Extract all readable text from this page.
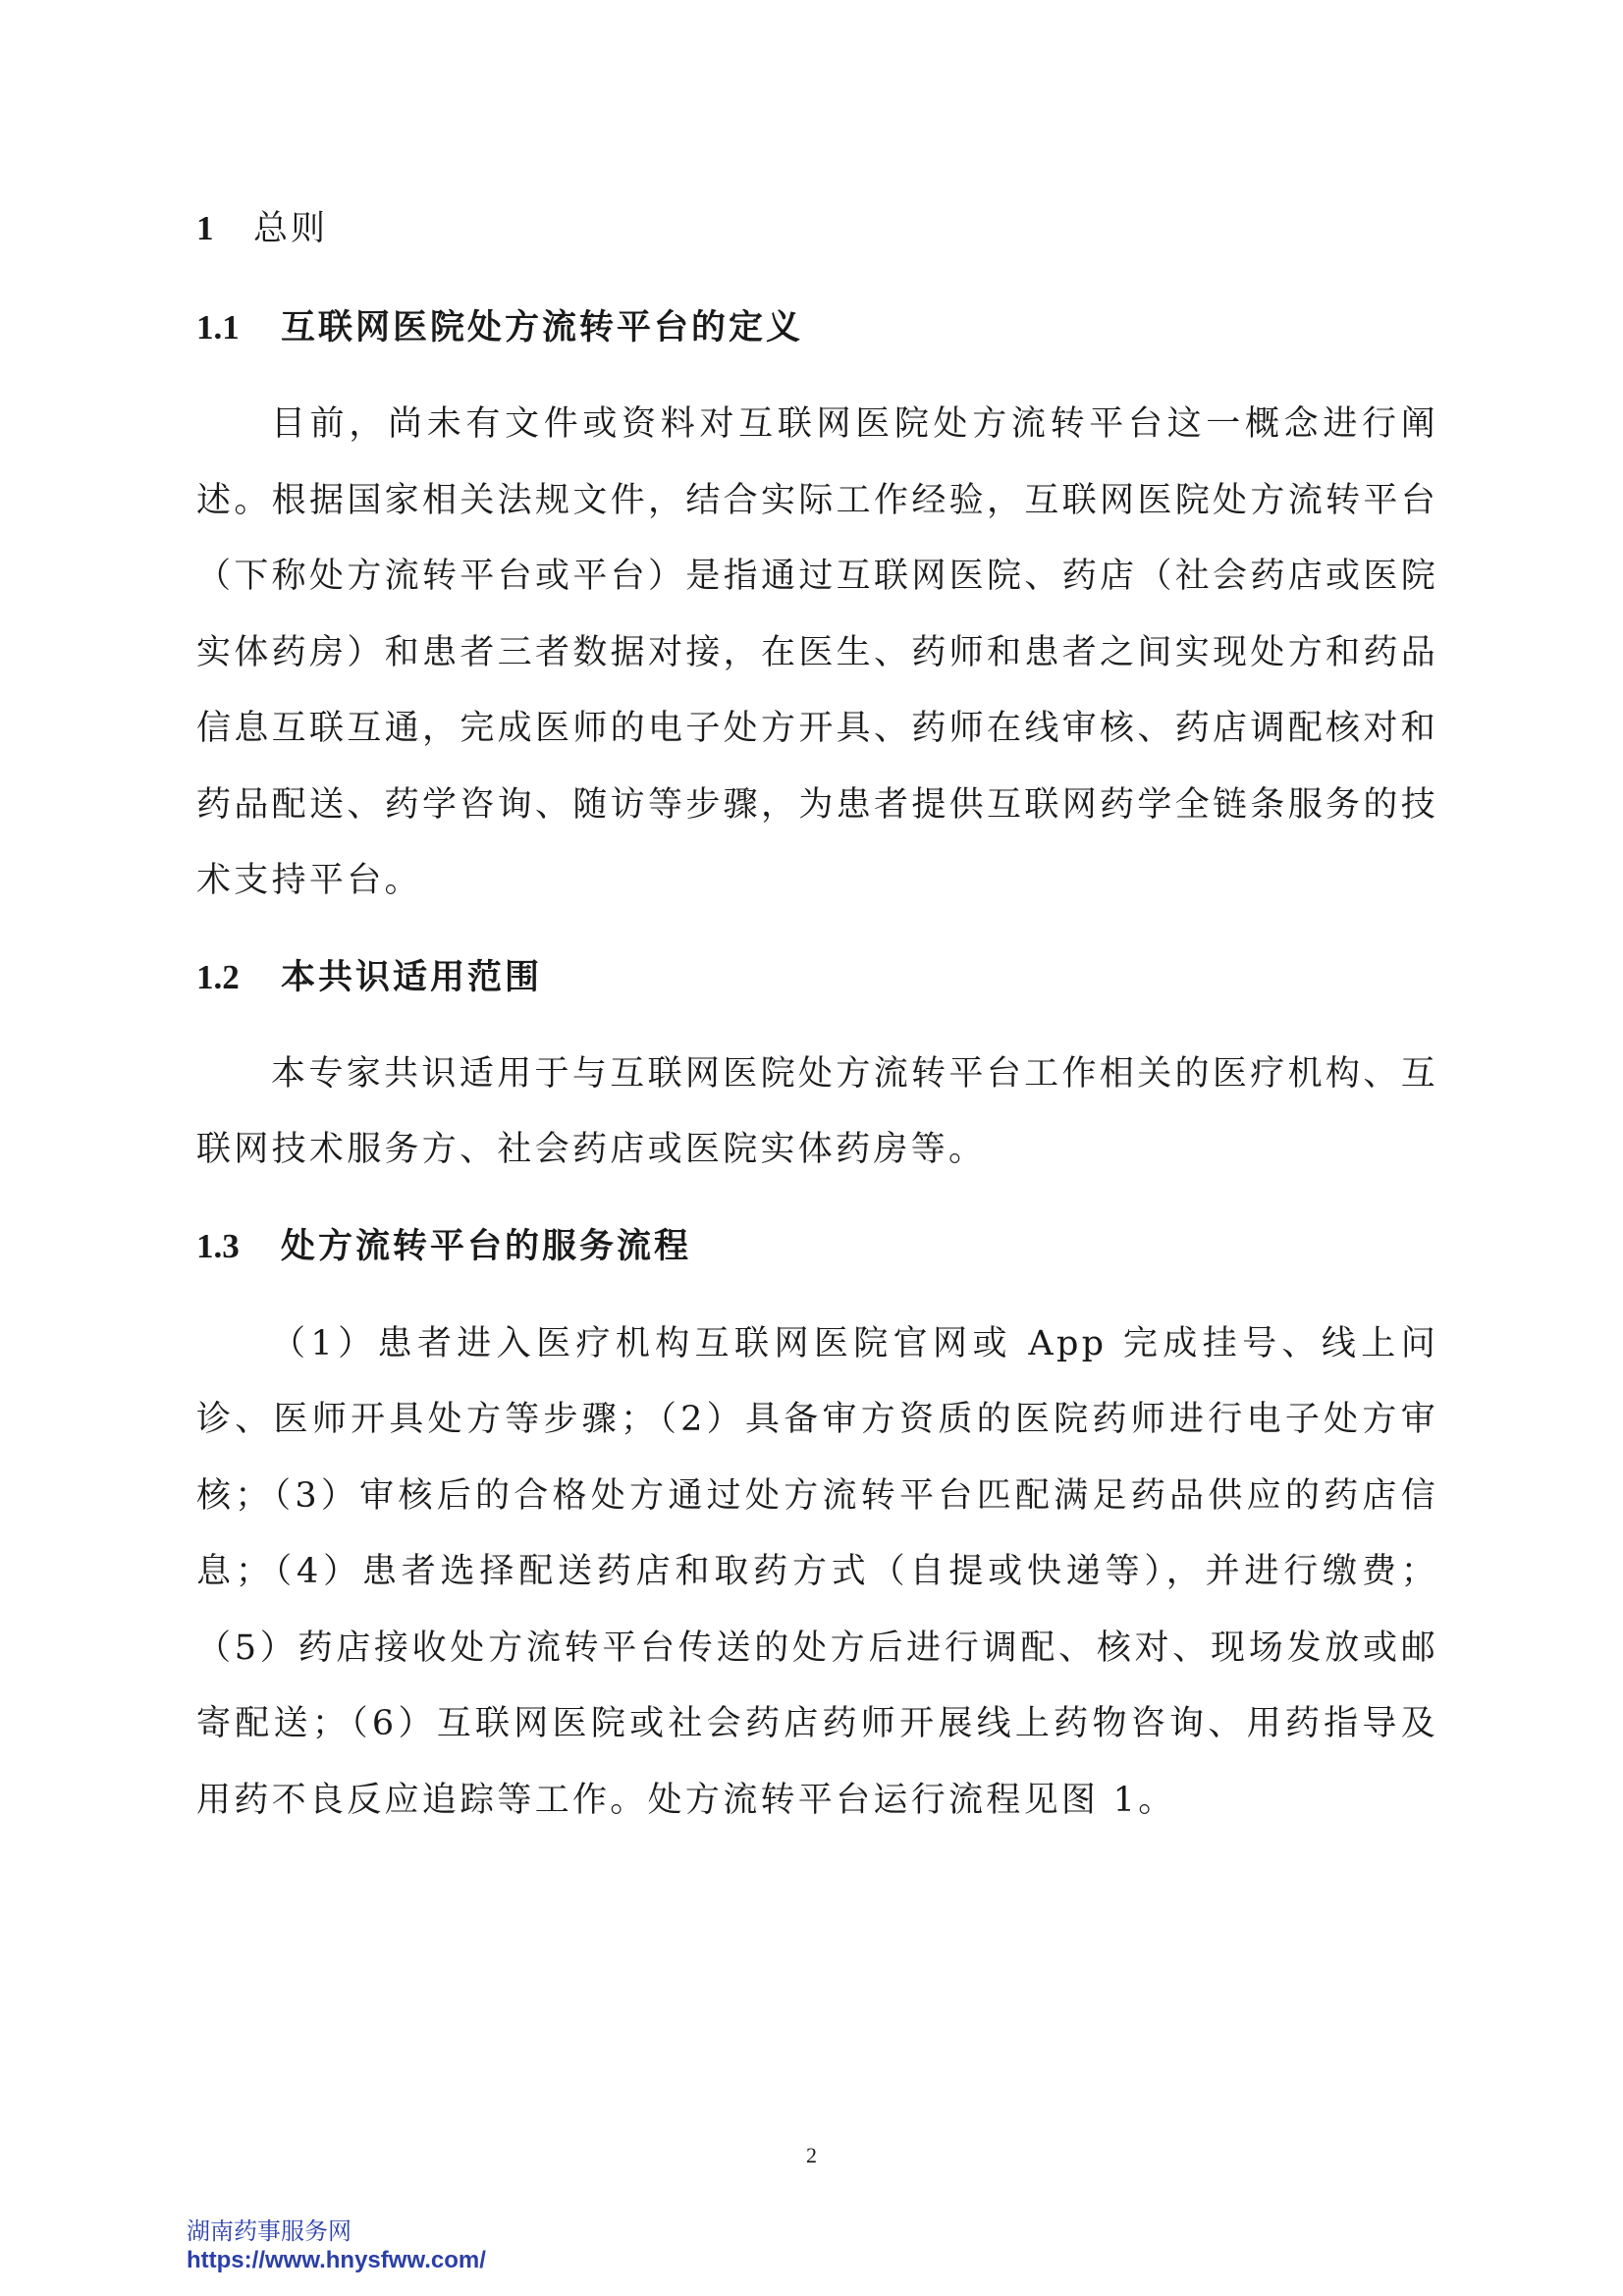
1	总则
1.1	互联网医院处方流转平台的定义

目前，尚未有文件或资料对互联网医院处方流转平台这一概念进行阐述。根据国家相关法规文件，结合实际工作经验，互联网医院处方流转平台（下称处方流转平台或平台）是指通过互联网医院、药店（社会药店或医院实体药房）和患者三者数据对接，在医生、药师和患者之间实现处方和药品信息互联互通，完成医师的电子处方开具、药师在线审核、药店调配核对和药品配送、药学咨询、随访等步骤，为患者提供互联网药学全链条服务的技术支持平台。

1.2	本共识适用范围

本专家共识适用于与互联网医院处方流转平台工作相关的医疗机构、互联网技术服务方、社会药店或医院实体药房等。

1.3	处方流转平台的服务流程

（1）患者进入医疗机构互联网医院官网或 App 完成挂号、线上问诊、医师开具处方等步骤；（2）具备审方资质的医院药师进行电子处方审核；（3）审核后的合格处方通过处方流转平台匹配满足药品供应的药店信息；（4）患者选择配送药店和取药方式（自提或快递等），并进行缴费；（5）药店接收处方流转平台传送的处方后进行调配、核对、现场发放或邮寄配送；（6）互联网医院或社会药店药师开展线上药物咨询、用药指导及用药不良反应追踪等工作。处方流转平台运行流程见图 1。

2
湖南药事服务网
https://www.hnysfww.com/
